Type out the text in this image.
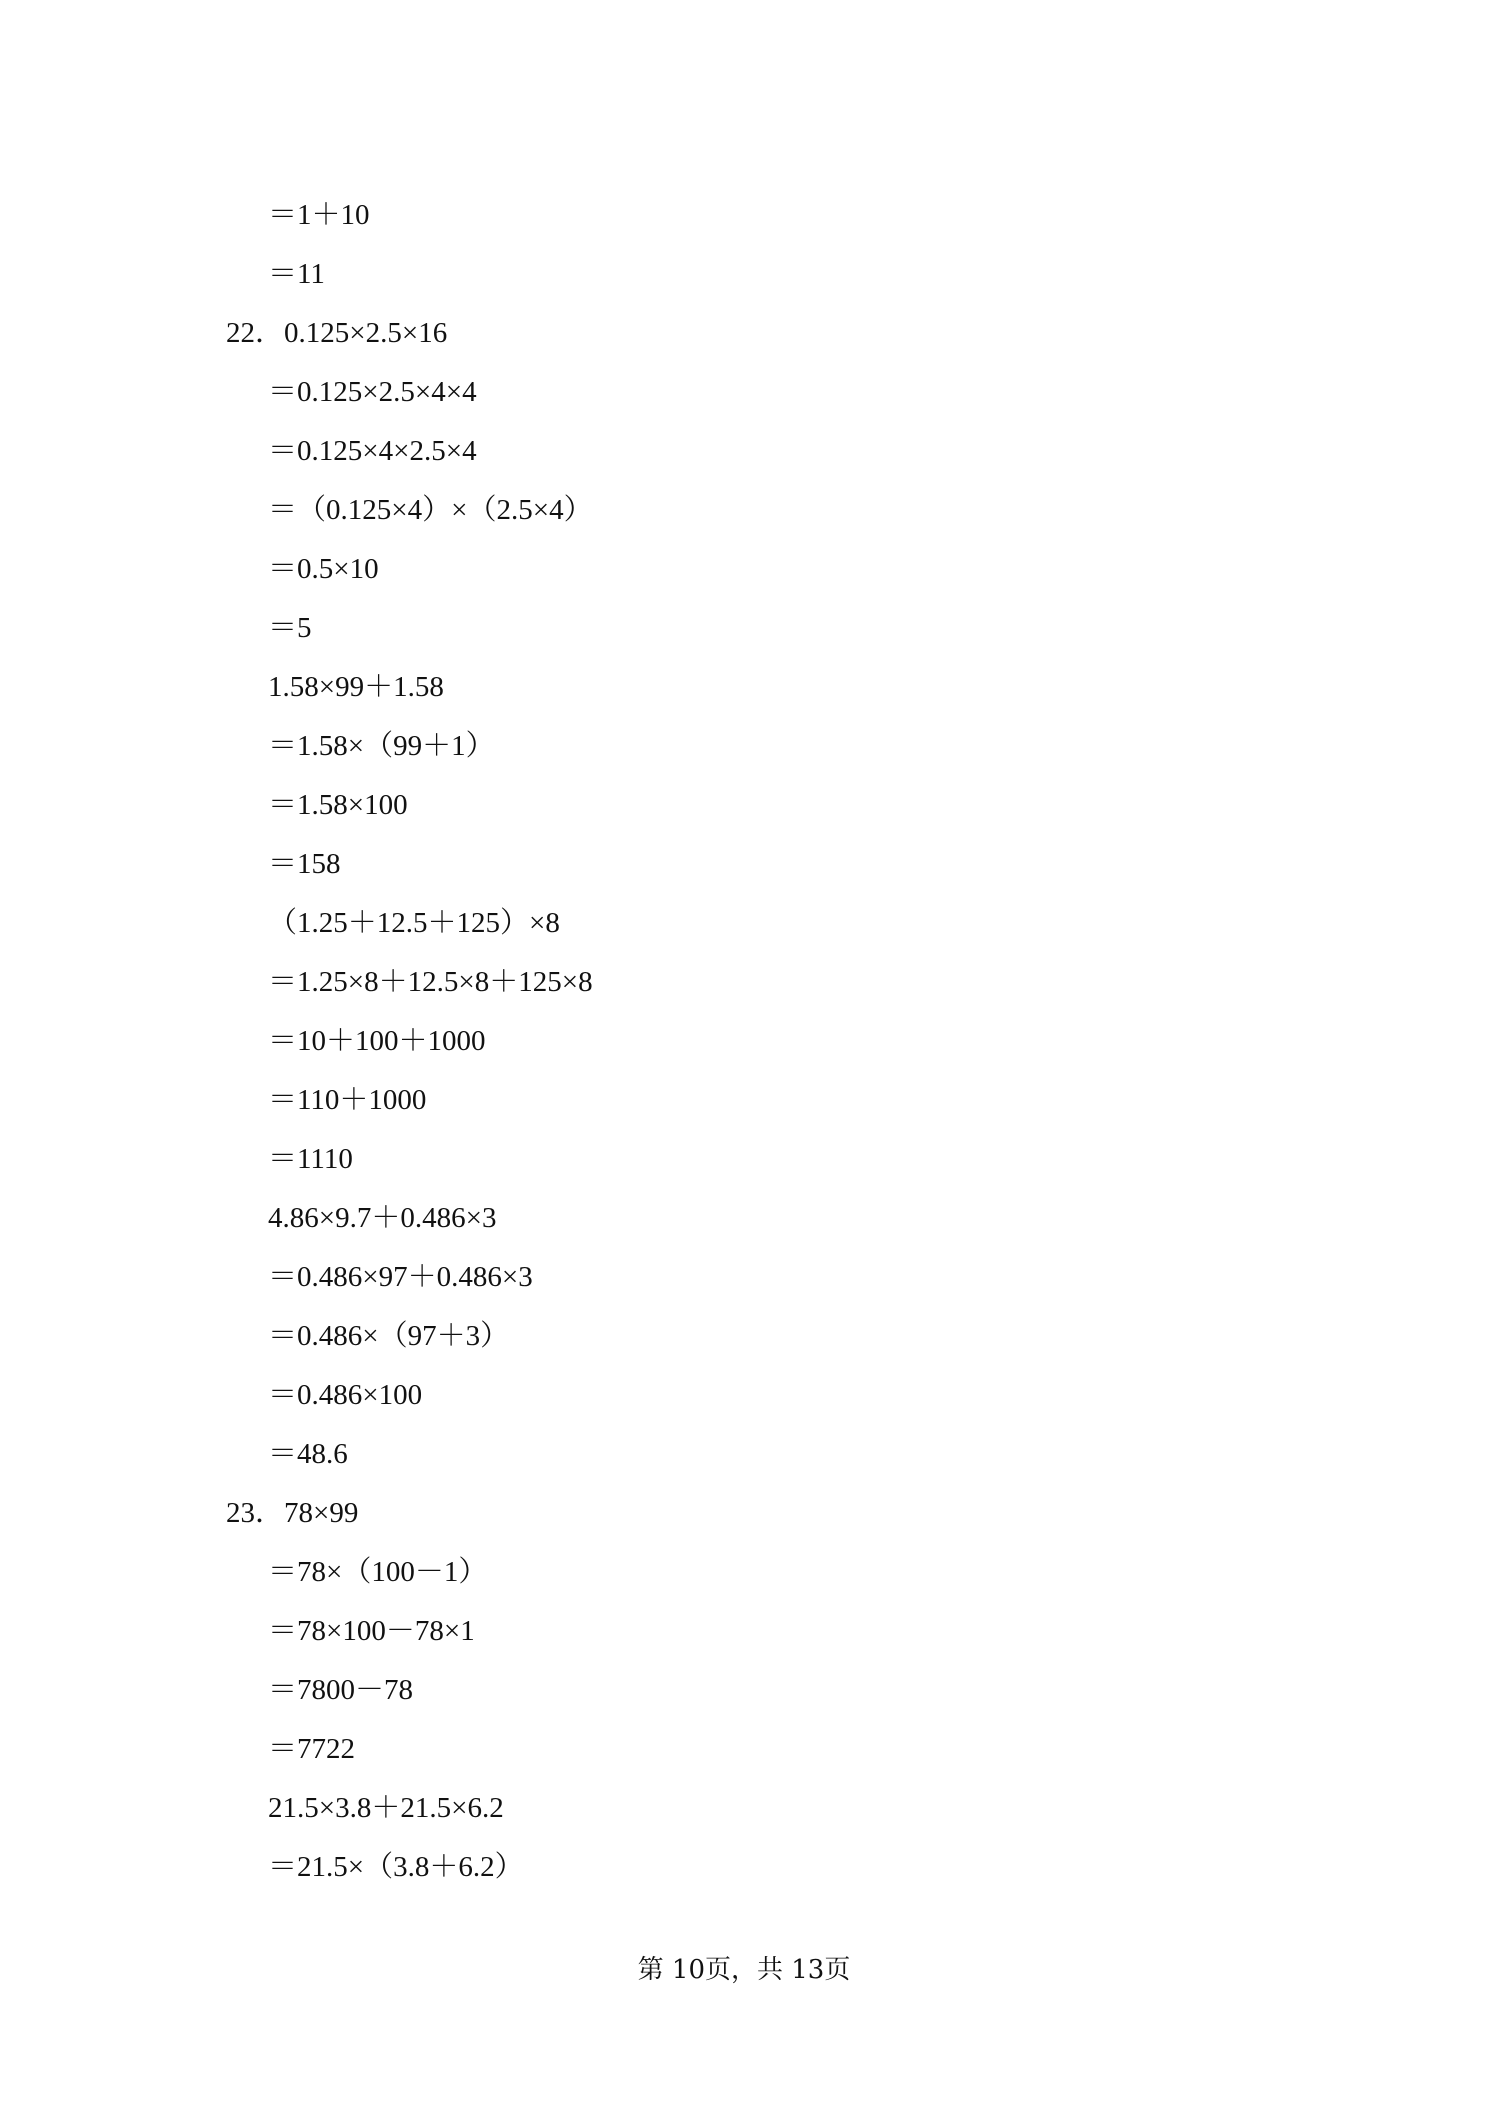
＝1＋10
＝11
22．0.125×2.5×16
＝0.125×2.5×4×4
＝0.125×4×2.5×4
＝（0.125×4）×（2.5×4）
＝0.5×10
＝5
1.58×99＋1.58
＝1.58×（99＋1）
＝1.58×100
＝158
（1.25＋12.5＋125）×8
＝1.25×8＋12.5×8＋125×8
＝10＋100＋1000
＝110＋1000
＝1110
4.86×9.7＋0.486×3
＝0.486×97＋0.486×3
＝0.486×（97＋3）
＝0.486×100
＝48.6
23．78×99
＝78×（100－1）
＝78×100－78×1
＝7800－78
＝7722
21.5×3.8＋21.5×6.2
＝21.5×（3.8＋6.2）
第 10页，共 13页
